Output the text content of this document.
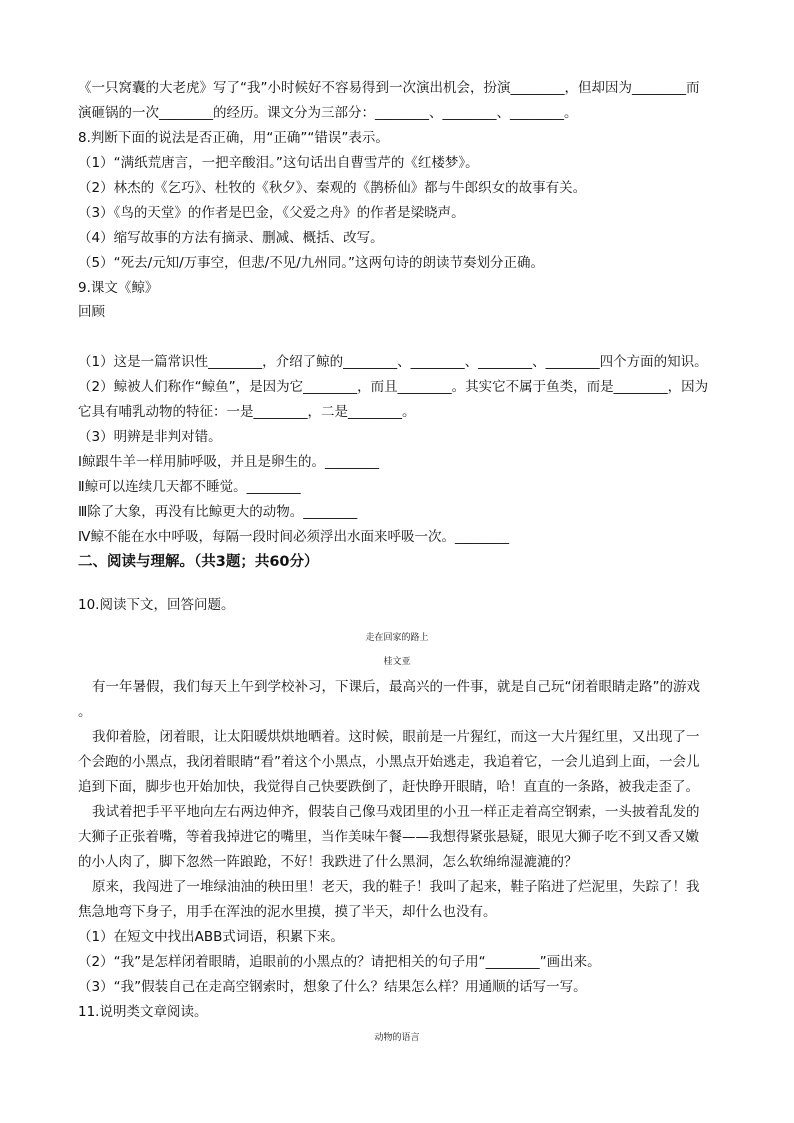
《一只窝囊的大老虎》写了“我”小时候好不容易得到一次演出机会，扮演________，但却因为________而
演砸锅的一次________的经历。课文分为三部分：________、________、________。
8.判断下面的说法是否正确，用“正确”“错误”表示。
（1）“满纸荒唐言，一把辛酸泪。”这句话出自曹雪芹的《红楼梦》。
（2）林杰的《乞巧》、杜牧的《秋夕》、秦观的《鹊桥仙》都与牛郎织女的故事有关。
（3）《鸟的天堂》的作者是巴金，《父爱之舟》的作者是梁晓声。
（4）缩写故事的方法有摘录、删减、概括、改写。
（5）“死去/元知/万事空，但悲/不见/九州同。”这两句诗的朗读节奏划分正确。
9.课文《鲸》
回顾
（1）这是一篇常识性________，介绍了鲸的________、________、________、________四个方面的知识。
（2）鲸被人们称作“鲸鱼”，是因为它________，而且________。其实它不属于鱼类，而是________，因为
它具有哺乳动物的特征：一是________，二是________。
（3）明辨是非判对错。
Ⅰ鲸跟牛羊一样用肺呼吸，并且是卵生的。________
Ⅱ鲸可以连续几天都不睡觉。________
Ⅲ除了大象，再没有比鲸更大的动物。________
Ⅳ鲸不能在水中呼吸，每隔一段时间必须浮出水面来呼吸一次。________
二、阅读与理解。（共3题；共60分）
10.阅读下文，回答问题。
走在回家的路上
桂文亚
有一年暑假，我们每天上午到学校补习，下课后，最高兴的一件事，就是自己玩“闭着眼睛走路”的游戏
。
我仰着脸，闭着眼，让太阳暖烘烘地晒着。这时候，眼前是一片猩红，而这一大片猩红里，又出现了一
个会跑的小黑点，我闭着眼睛“看”着这个小黑点，小黑点开始逃走，我追着它，一会儿追到上面，一会儿
追到下面，脚步也开始加快，我觉得自己快要跌倒了，赶快睁开眼睛，哈！直直的一条路，被我走歪了。
我试着把手平平地向左右两边伸齐，假装自己像马戏团里的小丑一样正走着高空钢索，一头披着乱发的
大狮子正张着嘴，等着我掉进它的嘴里，当作美味午餐——我想得紧张悬疑，眼见大狮子吃不到又香又嫩
的小人肉了，脚下忽然一阵踉跄，不好！我跌进了什么黑洞，怎么软绵绵湿漉漉的？
原来，我闯进了一堆绿油油的秧田里！老天，我的鞋子！我叫了起来，鞋子陷进了烂泥里，失踪了！我
焦急地弯下身子，用手在浑浊的泥水里摸，摸了半天，却什么也没有。
（1）在短文中找出ABB式词语，积累下来。
（2）“我”是怎样闭着眼睛，追眼前的小黑点的？请把相关的句子用“________”画出来。
（3）“我”假装自己在走高空钢索时，想象了什么？结果怎么样？用通顺的话写一写。
11.说明类文章阅读。
动物的语言
